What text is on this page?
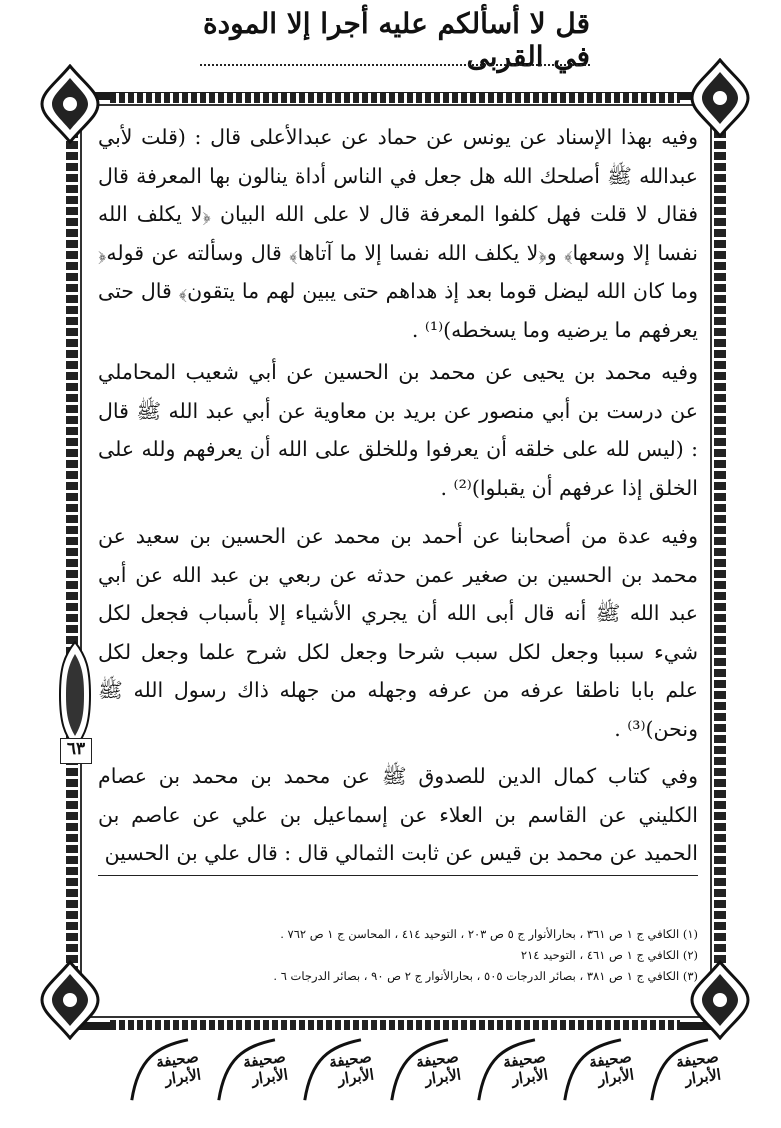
قل لا أسألكم عليه أجرا إلا المودة في القربى
٦٣

وفيه بهذا الإسناد عن يونس عن حماد عن عبدالأعلى قال : (قلت لأبي عبدالله ﷺ أصلحك الله هل جعل في الناس أداة ينالون بها المعرفة قال فقال لا قلت فهل كلفوا المعرفة قال لا على الله البيان ﴿لا يكلف الله نفسا إلا وسعها﴾ و﴿لا يكلف الله نفسا إلا ما آتاها﴾ قال وسألته عن قوله﴿ وما كان الله ليضل قوما بعد إذ هداهم حتى يبين لهم ما يتقون﴾ قال حتى يعرفهم ما يرضيه وما يسخطه)⁽¹⁾ .

وفيه محمد بن يحيى عن محمد بن الحسين عن أبي شعيب المحاملي عن درست بن أبي منصور عن بريد بن معاوية عن أبي عبد الله ﷺ قال : (ليس لله على خلقه أن يعرفوا وللخلق على الله أن يعرفهم ولله على الخلق إذا عرفهم أن يقبلوا)⁽²⁾ .

وفيه عدة من أصحابنا عن أحمد بن محمد عن الحسين بن سعيد عن محمد بن الحسين بن صغير عمن حدثه عن ربعي بن عبد الله عن أبي عبد الله ﷺ أنه قال أبى الله أن يجري الأشياء إلا بأسباب فجعل لكل شيء سببا وجعل لكل سبب شرحا وجعل لكل شرح علما وجعل لكل علم بابا ناطقا عرفه من عرفه وجهله من جهله ذاك رسول الله ﷺ ونحن)⁽³⁾ .

وفي كتاب كمال الدين للصدوق ﷺ عن محمد بن محمد بن عصام الكليني عن القاسم بن العلاء عن إسماعيل بن علي عن عاصم بن الحميد عن محمد بن قيس عن ثابت الثمالي قال : قال علي بن الحسين

(١) الكافي ج ١ ص ٣٦١ ، بحارالأنوار ج ٥ ص ٢٠٣ ، التوحيد ٤١٤ ، المحاسن ج ١ ص ٧٦٢ .

(٢) الكافي ج ١ ص ٤٦١ ، التوحيد ٢١٤

(٣) الكافي ج ١ ص ٣٨١ ، بصائر الدرجات ٥٠٥ ، بحارالأنوار ج ٢ ص ٩٠ ، بصائر الدرجات ٦ .

صحيفة الأبرار
صحيفة الأبرار
صحيفة الأبرار
صحيفة الأبرار
صحيفة الأبرار
صحيفة الأبرار
صحيفة الأبرار
